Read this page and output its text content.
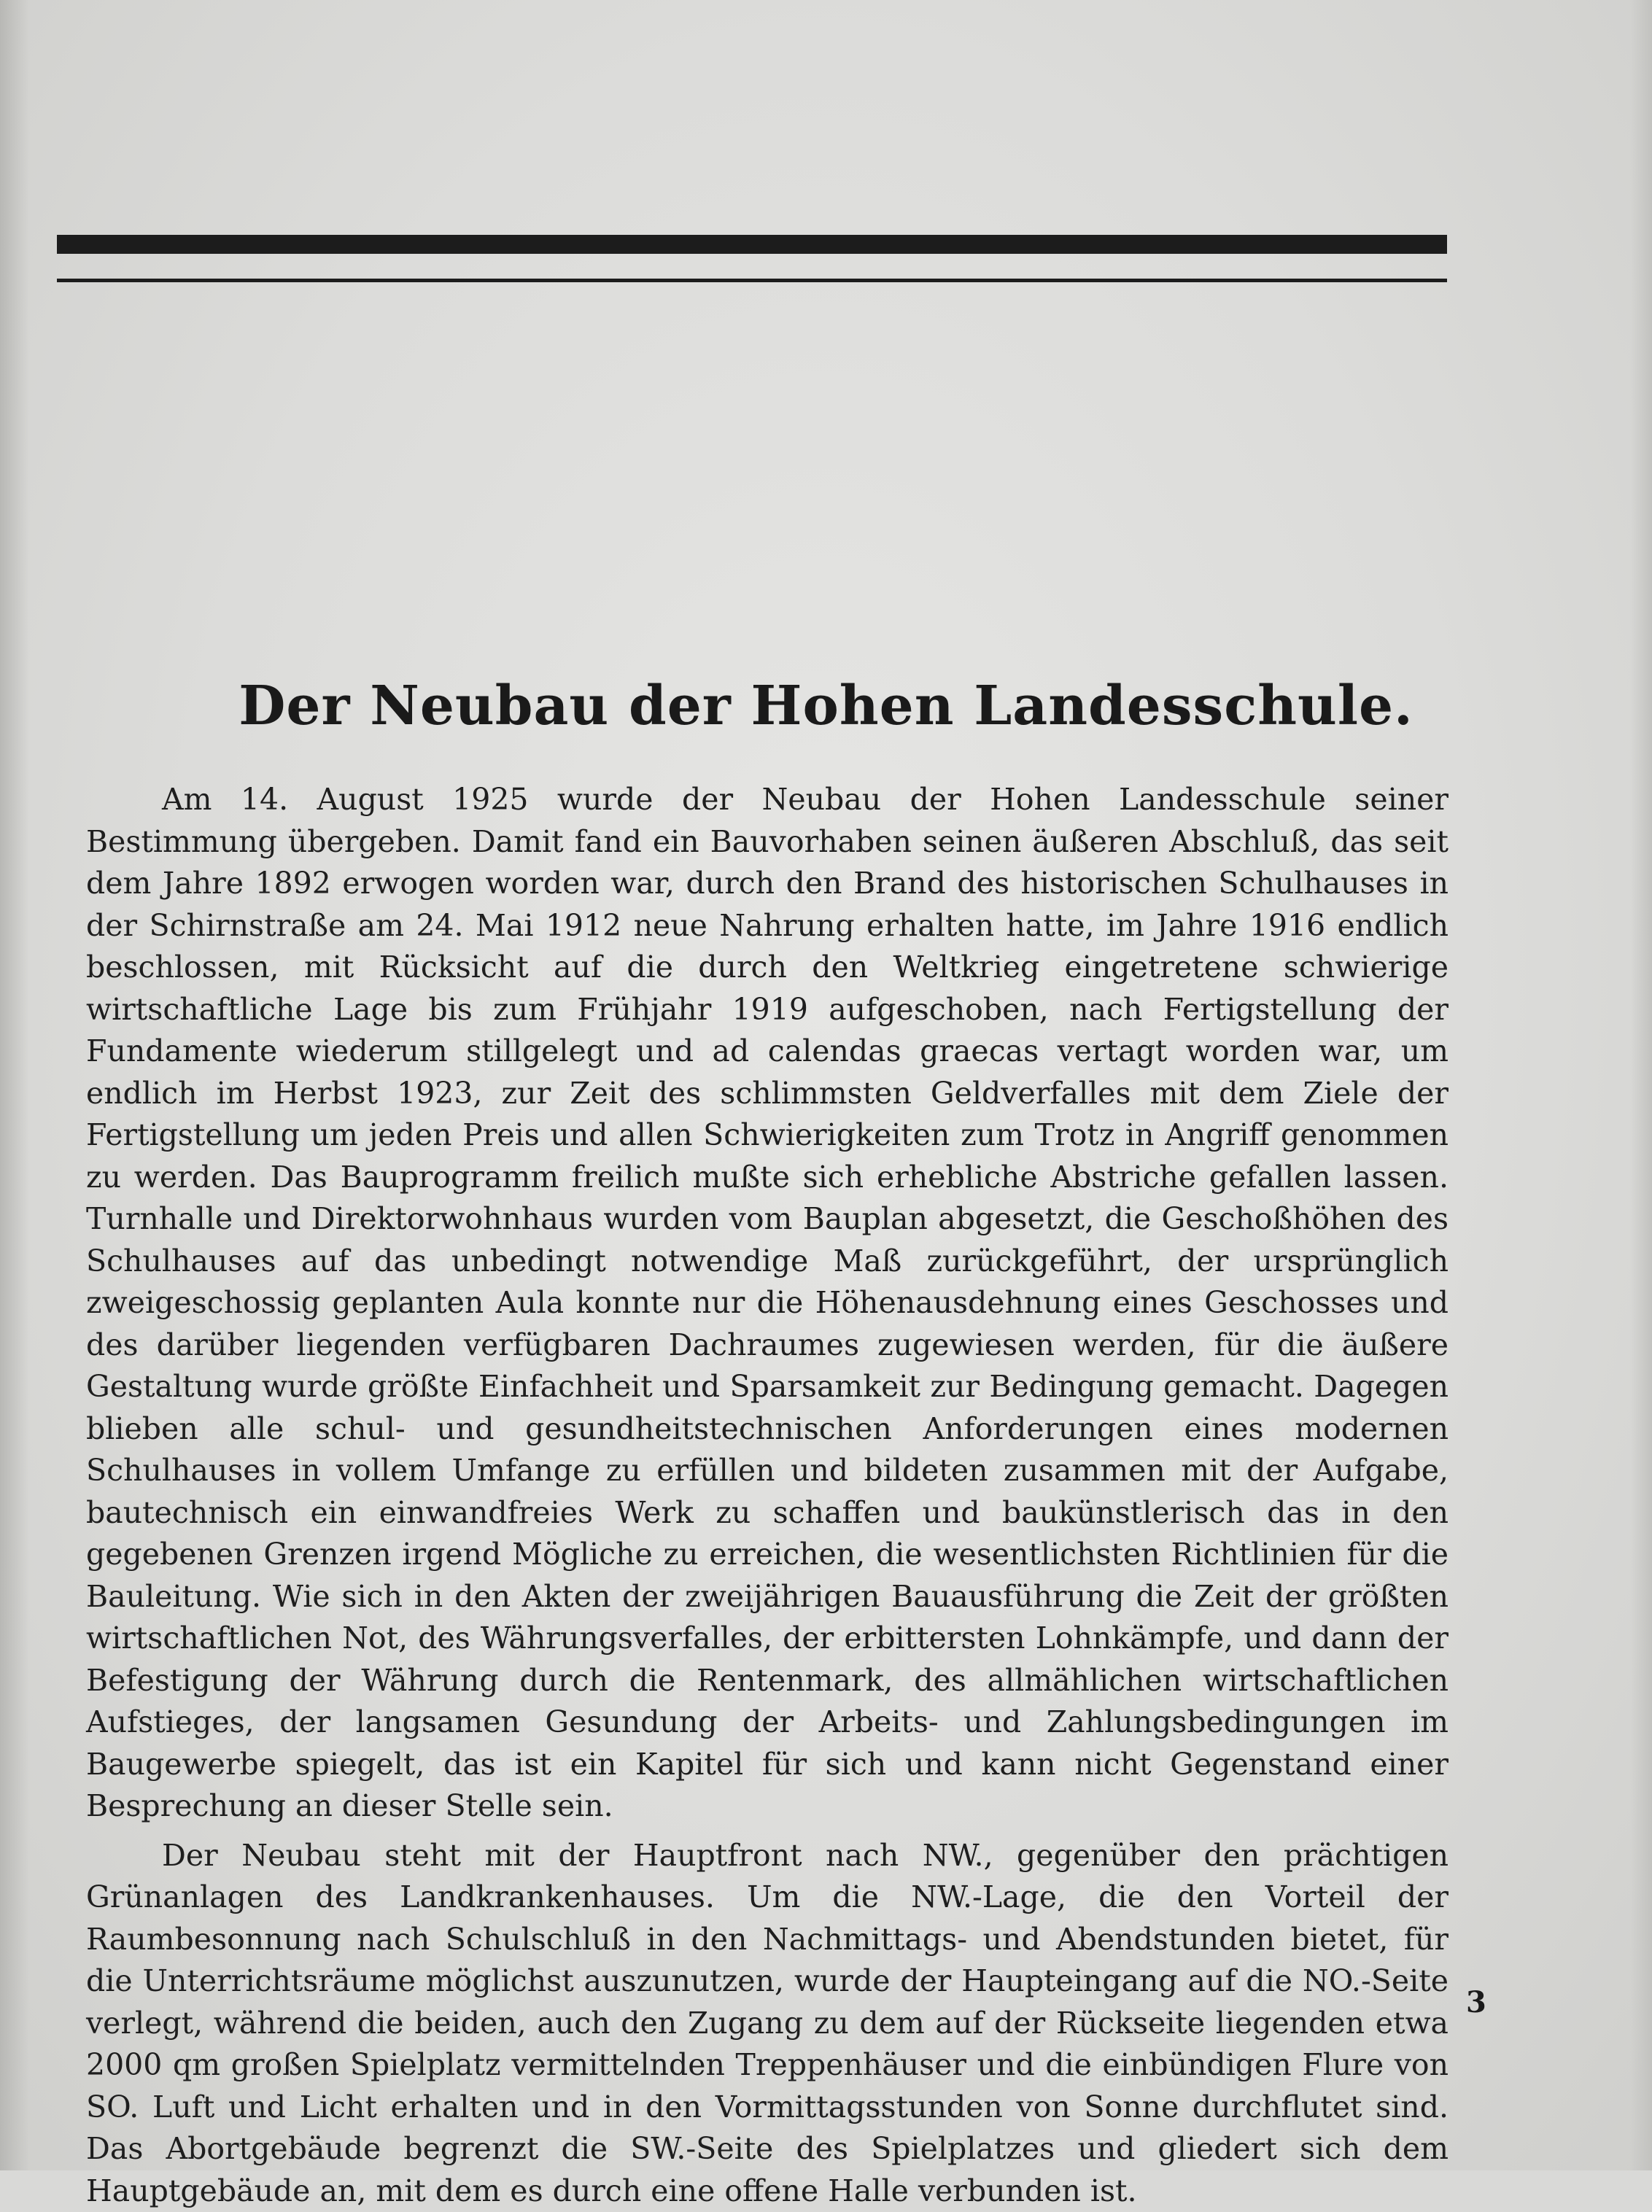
Der Neubau der Hohen Landesschule.

Am 14. August 1925 wurde der Neubau der Hohen Landesschule seiner Bestimmung übergeben. Damit fand ein Bauvorhaben seinen äußeren Abschluß, das seit dem Jahre 1892 erwogen worden war, durch den Brand des historischen Schulhauses in der Schirnstraße am 24. Mai 1912 neue Nahrung erhalten hatte, im Jahre 1916 endlich beschlossen, mit Rücksicht auf die durch den Weltkrieg eingetretene schwierige wirtschaftliche Lage bis zum Frühjahr 1919 aufgeschoben, nach Fertigstellung der Fundamente wiederum stillgelegt und ad calendas graecas vertagt worden war, um endlich im Herbst 1923, zur Zeit des schlimmsten Geldverfalles mit dem Ziele der Fertigstellung um jeden Preis und allen Schwierigkeiten zum Trotz in Angriff genommen zu werden. Das Bauprogramm freilich mußte sich erhebliche Abstriche gefallen lassen. Turnhalle und Direktorwohnhaus wurden vom Bauplan abgesetzt, die Geschoßhöhen des Schulhauses auf das unbedingt notwendige Maß zurückgeführt, der ursprünglich zweigeschossig geplanten Aula konnte nur die Höhenausdehnung eines Geschosses und des darüber liegenden verfügbaren Dachraumes zugewiesen werden, für die äußere Gestaltung wurde größte Einfachheit und Sparsamkeit zur Bedingung gemacht. Dagegen blieben alle schul- und gesundheitstechnischen Anforderungen eines modernen Schulhauses in vollem Umfange zu erfüllen und bildeten zusammen mit der Aufgabe, bautechnisch ein einwandfreies Werk zu schaffen und baukünstlerisch das in den gegebenen Grenzen irgend Mögliche zu erreichen, die wesentlichsten Richtlinien für die Bauleitung. Wie sich in den Akten der zweijährigen Bauausführung die Zeit der größten wirtschaftlichen Not, des Währungsverfalles, der erbittersten Lohnkämpfe, und dann der Befestigung der Währung durch die Rentenmark, des allmählichen wirtschaftlichen Aufstieges, der langsamen Gesundung der Arbeits- und Zahlungsbedingungen im Baugewerbe spiegelt, das ist ein Kapitel für sich und kann nicht Gegenstand einer Besprechung an dieser Stelle sein.

Der Neubau steht mit der Hauptfront nach NW., gegenüber den prächtigen Grünanlagen des Landkrankenhauses. Um die NW.-Lage, die den Vorteil der Raumbesonnung nach Schulschluß in den Nachmittags- und Abendstunden bietet, für die Unterrichtsräume möglichst auszunutzen, wurde der Haupteingang auf die NO.-Seite verlegt, während die beiden, auch den Zugang zu dem auf der Rückseite liegenden etwa 2000 qm großen Spielplatz vermittelnden Treppenhäuser und die einbündigen Flure von SO. Luft und Licht erhalten und in den Vormittagsstunden von Sonne durchflutet sind. Das Abortgebäude begrenzt die SW.-Seite des Spielplatzes und gliedert sich dem Hauptgebäude an, mit dem es durch eine offene Halle verbunden ist.

3
